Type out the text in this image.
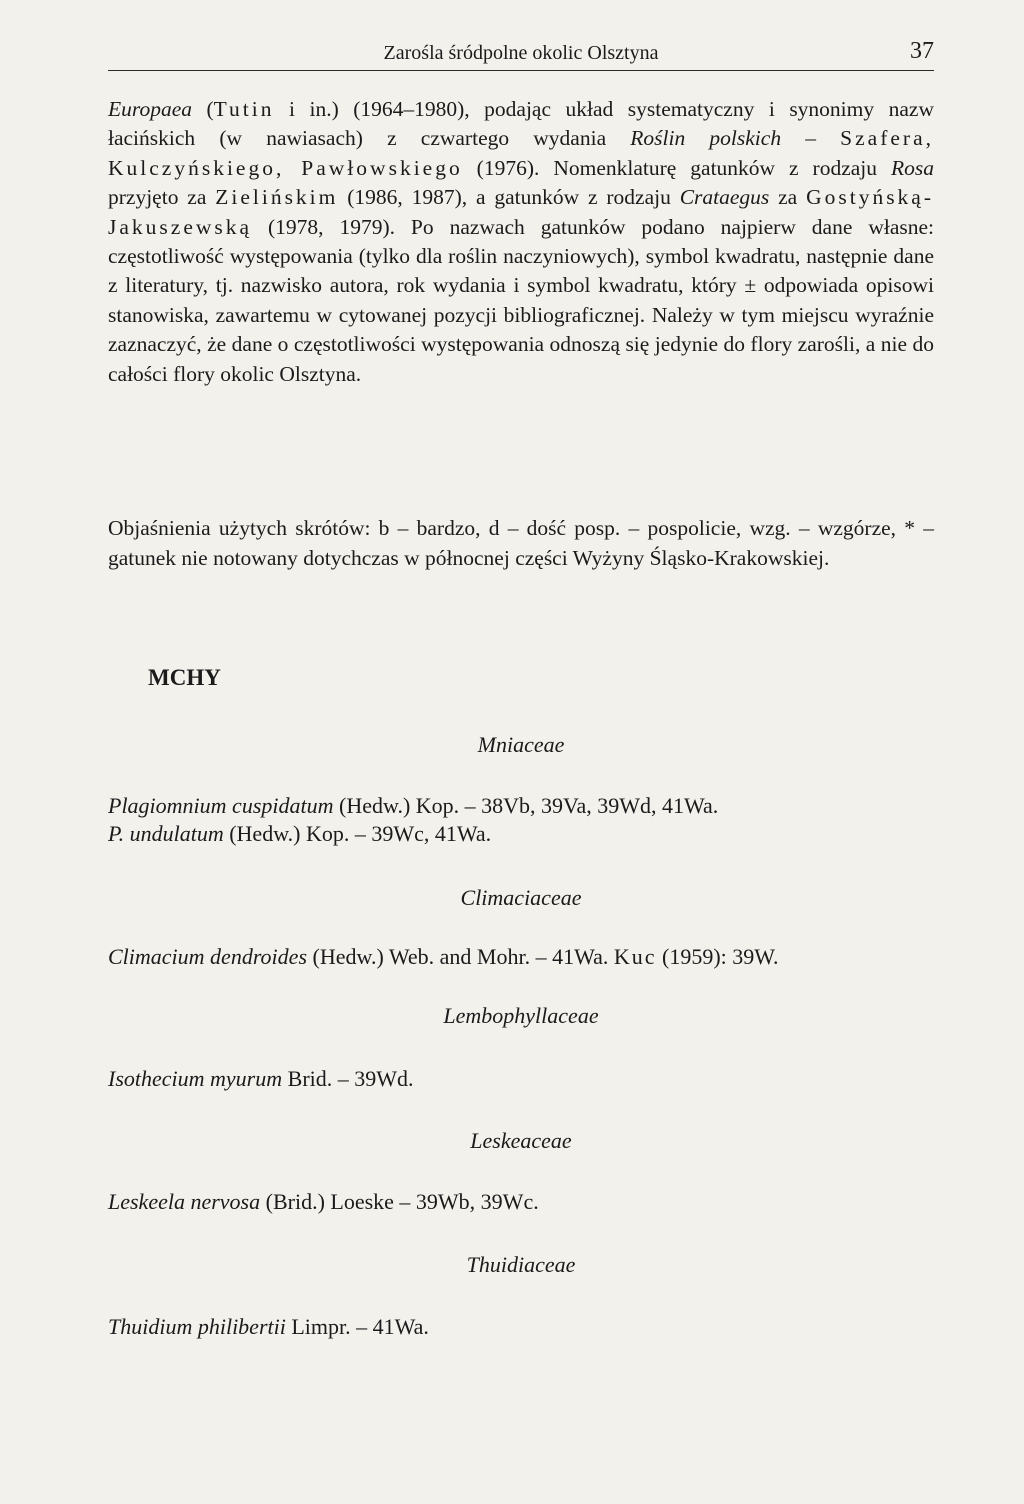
Zarośla śródpolne okolic Olsztyna	37

Europaea (Tutin i in.) (1964–1980), podając układ systematyczny i synonimy nazw łacińskich (w nawiasach) z czwartego wydania Roślin polskich – Szafera, Kulczyńskiego, Pawłowskiego (1976). Nomenklaturę gatunków z rodzaju Rosa przyjęto za Zielińskim (1986, 1987), a gatunków z rodzaju Crataegus za Gostyńską-Jakuszewską (1978, 1979). Po nazwach gatunków podano najpierw dane własne: częstotliwość występowania (tylko dla roślin naczyniowych), symbol kwadratu, następnie dane z literatury, tj. nazwisko autora, rok wydania i symbol kwadratu, który ± odpowiada opisowi stanowiska, zawartemu w cytowanej pozycji bibliograficznej. Należy w tym miejscu wyraźnie zaznaczyć, że dane o częstotliwości występowania odnoszą się jedynie do flory zarośli, a nie do całości flory okolic Olsztyna.

Objaśnienia użytych skrótów: b – bardzo, d – dość posp. – pospolicie, wzg. – wzgórze, * – gatunek nie notowany dotychczas w północnej części Wyżyny Śląsko-Krakowskiej.

MCHY
Mniaceae
Plagiomnium cuspidatum (Hedw.) Kop. – 38Vb, 39Va, 39Wd, 41Wa.
P. undulatum (Hedw.) Kop. – 39Wc, 41Wa.
Climaciaceae
Climacium dendroides (Hedw.) Web. and Mohr. – 41Wa. Kuc (1959): 39W.
Lembophyllaceae
Isothecium myurum Brid. – 39Wd.
Leskeaceae
Leskeela nervosa (Brid.) Loeske – 39Wb, 39Wc.
Thuidiaceae
Thuidium philibertii Limpr. – 41Wa.
